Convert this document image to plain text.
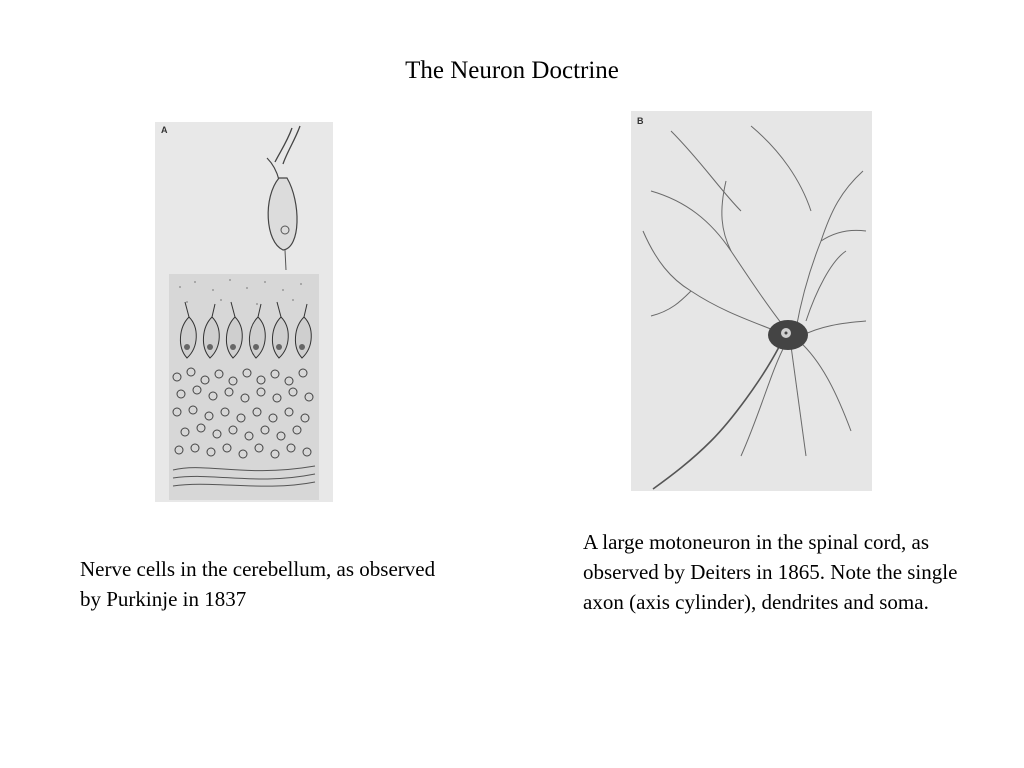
The Neuron Doctrine
A
B
Nerve cells in the cerebellum, as observed by Purkinje in 1837
A large motoneuron in the spinal cord, as observed by Deiters in 1865. Note the single axon (axis cylinder), dendrites and soma.
